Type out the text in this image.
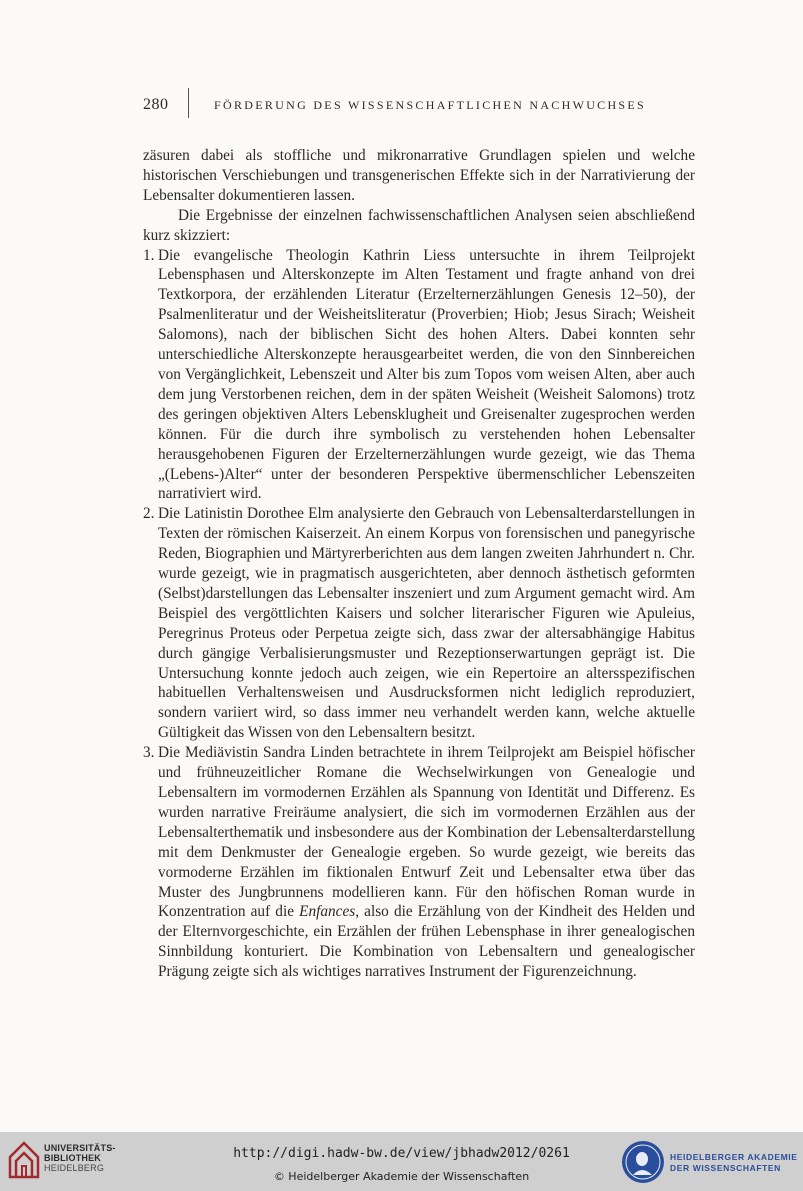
280	FÖRDERUNG DES WISSENSCHAFTLICHEN NACHWUCHSES

zäsuren dabei als stoffliche und mikronarrative Grundlagen spielen und welche historischen Verschiebungen und transgenerischen Effekte sich in der Narrativierung der Lebensalter dokumentieren lassen.

Die Ergebnisse der einzelnen fachwissenschaftlichen Analysen seien abschließend kurz skizziert:

1. Die evangelische Theologin Kathrin Liess untersuchte in ihrem Teilprojekt Lebensphasen und Alterskonzepte im Alten Testament und fragte anhand von drei Textkorpora, der erzählenden Literatur (Erzelternerzählungen Genesis 12–50), der Psalmenliteratur und der Weisheitsliteratur (Proverbien; Hiob; Jesus Sirach; Weisheit Salomons), nach der biblischen Sicht des hohen Alters. Dabei konnten sehr unterschiedliche Alterskonzepte herausgearbeitet werden, die von den Sinnbereichen von Vergänglichkeit, Lebenszeit und Alter bis zum Topos vom weisen Alten, aber auch dem jung Verstorbenen reichen, dem in der späten Weisheit (Weisheit Salomons) trotz des geringen objektiven Alters Lebensklugheit und Greisenalter zugesprochen werden können. Für die durch ihre symbolisch zu verstehenden hohen Lebensalter herausgehobenen Figuren der Erzelternerzählungen wurde gezeigt, wie das Thema „(Lebens-)Alter“ unter der besonderen Perspektive übermenschlicher Lebenszeiten narrativiert wird.
2. Die Latinistin Dorothee Elm analysierte den Gebrauch von Lebensalterdarstellungen in Texten der römischen Kaiserzeit. An einem Korpus von forensischen und panegyrische Reden, Biographien und Märtyrerberichten aus dem langen zweiten Jahrhundert n. Chr. wurde gezeigt, wie in pragmatisch ausgerichteten, aber dennoch ästhetisch geformten (Selbst)darstellungen das Lebensalter inszeniert und zum Argument gemacht wird. Am Beispiel des vergöttlichten Kaisers und solcher literarischer Figuren wie Apuleius, Peregrinus Proteus oder Perpetua zeigte sich, dass zwar der altersabhängige Habitus durch gängige Verbalisierungsmuster und Rezeptionserwartungen geprägt ist. Die Untersuchung konnte jedoch auch zeigen, wie ein Repertoire an altersspezifischen habituellen Verhaltensweisen und Ausdrucksformen nicht lediglich reproduziert, sondern variiert wird, so dass immer neu verhandelt werden kann, welche aktuelle Gültigkeit das Wissen von den Lebensaltern besitzt.
3. Die Mediävistin Sandra Linden betrachtete in ihrem Teilprojekt am Beispiel höfischer und frühneuzeitlicher Romane die Wechselwirkungen von Genealogie und Lebensaltern im vormodernen Erzählen als Spannung von Identität und Differenz. Es wurden narrative Freiräume analysiert, die sich im vormodernen Erzählen aus der Lebensalterthematik und insbesondere aus der Kombination der Lebensalterdarstellung mit dem Denkmuster der Genealogie ergeben. So wurde gezeigt, wie bereits das vormoderne Erzählen im fiktionalen Entwurf Zeit und Lebensalter etwa über das Muster des Jungbrunnens modellieren kann. Für den höfischen Roman wurde in Konzentration auf die Enfances, also die Erzählung von der Kindheit des Helden und der Elternvorgeschichte, ein Erzählen der frühen Lebensphase in ihrer genealogischen Sinnbildung konturiert. Die Kombination von Lebensaltern und genealogischer Prägung zeigte sich als wichtiges narratives Instrument der Figurenzeichnung.
UNIVERSITÄTS-
BIBLIOTHEK
HEIDELBERG
http://digi.hadw-bw.de/view/jbhadw2012/0261
© Heidelberger Akademie der Wissenschaften
HEIDELBERGER AKADEMIE
DER WISSENSCHAFTEN
